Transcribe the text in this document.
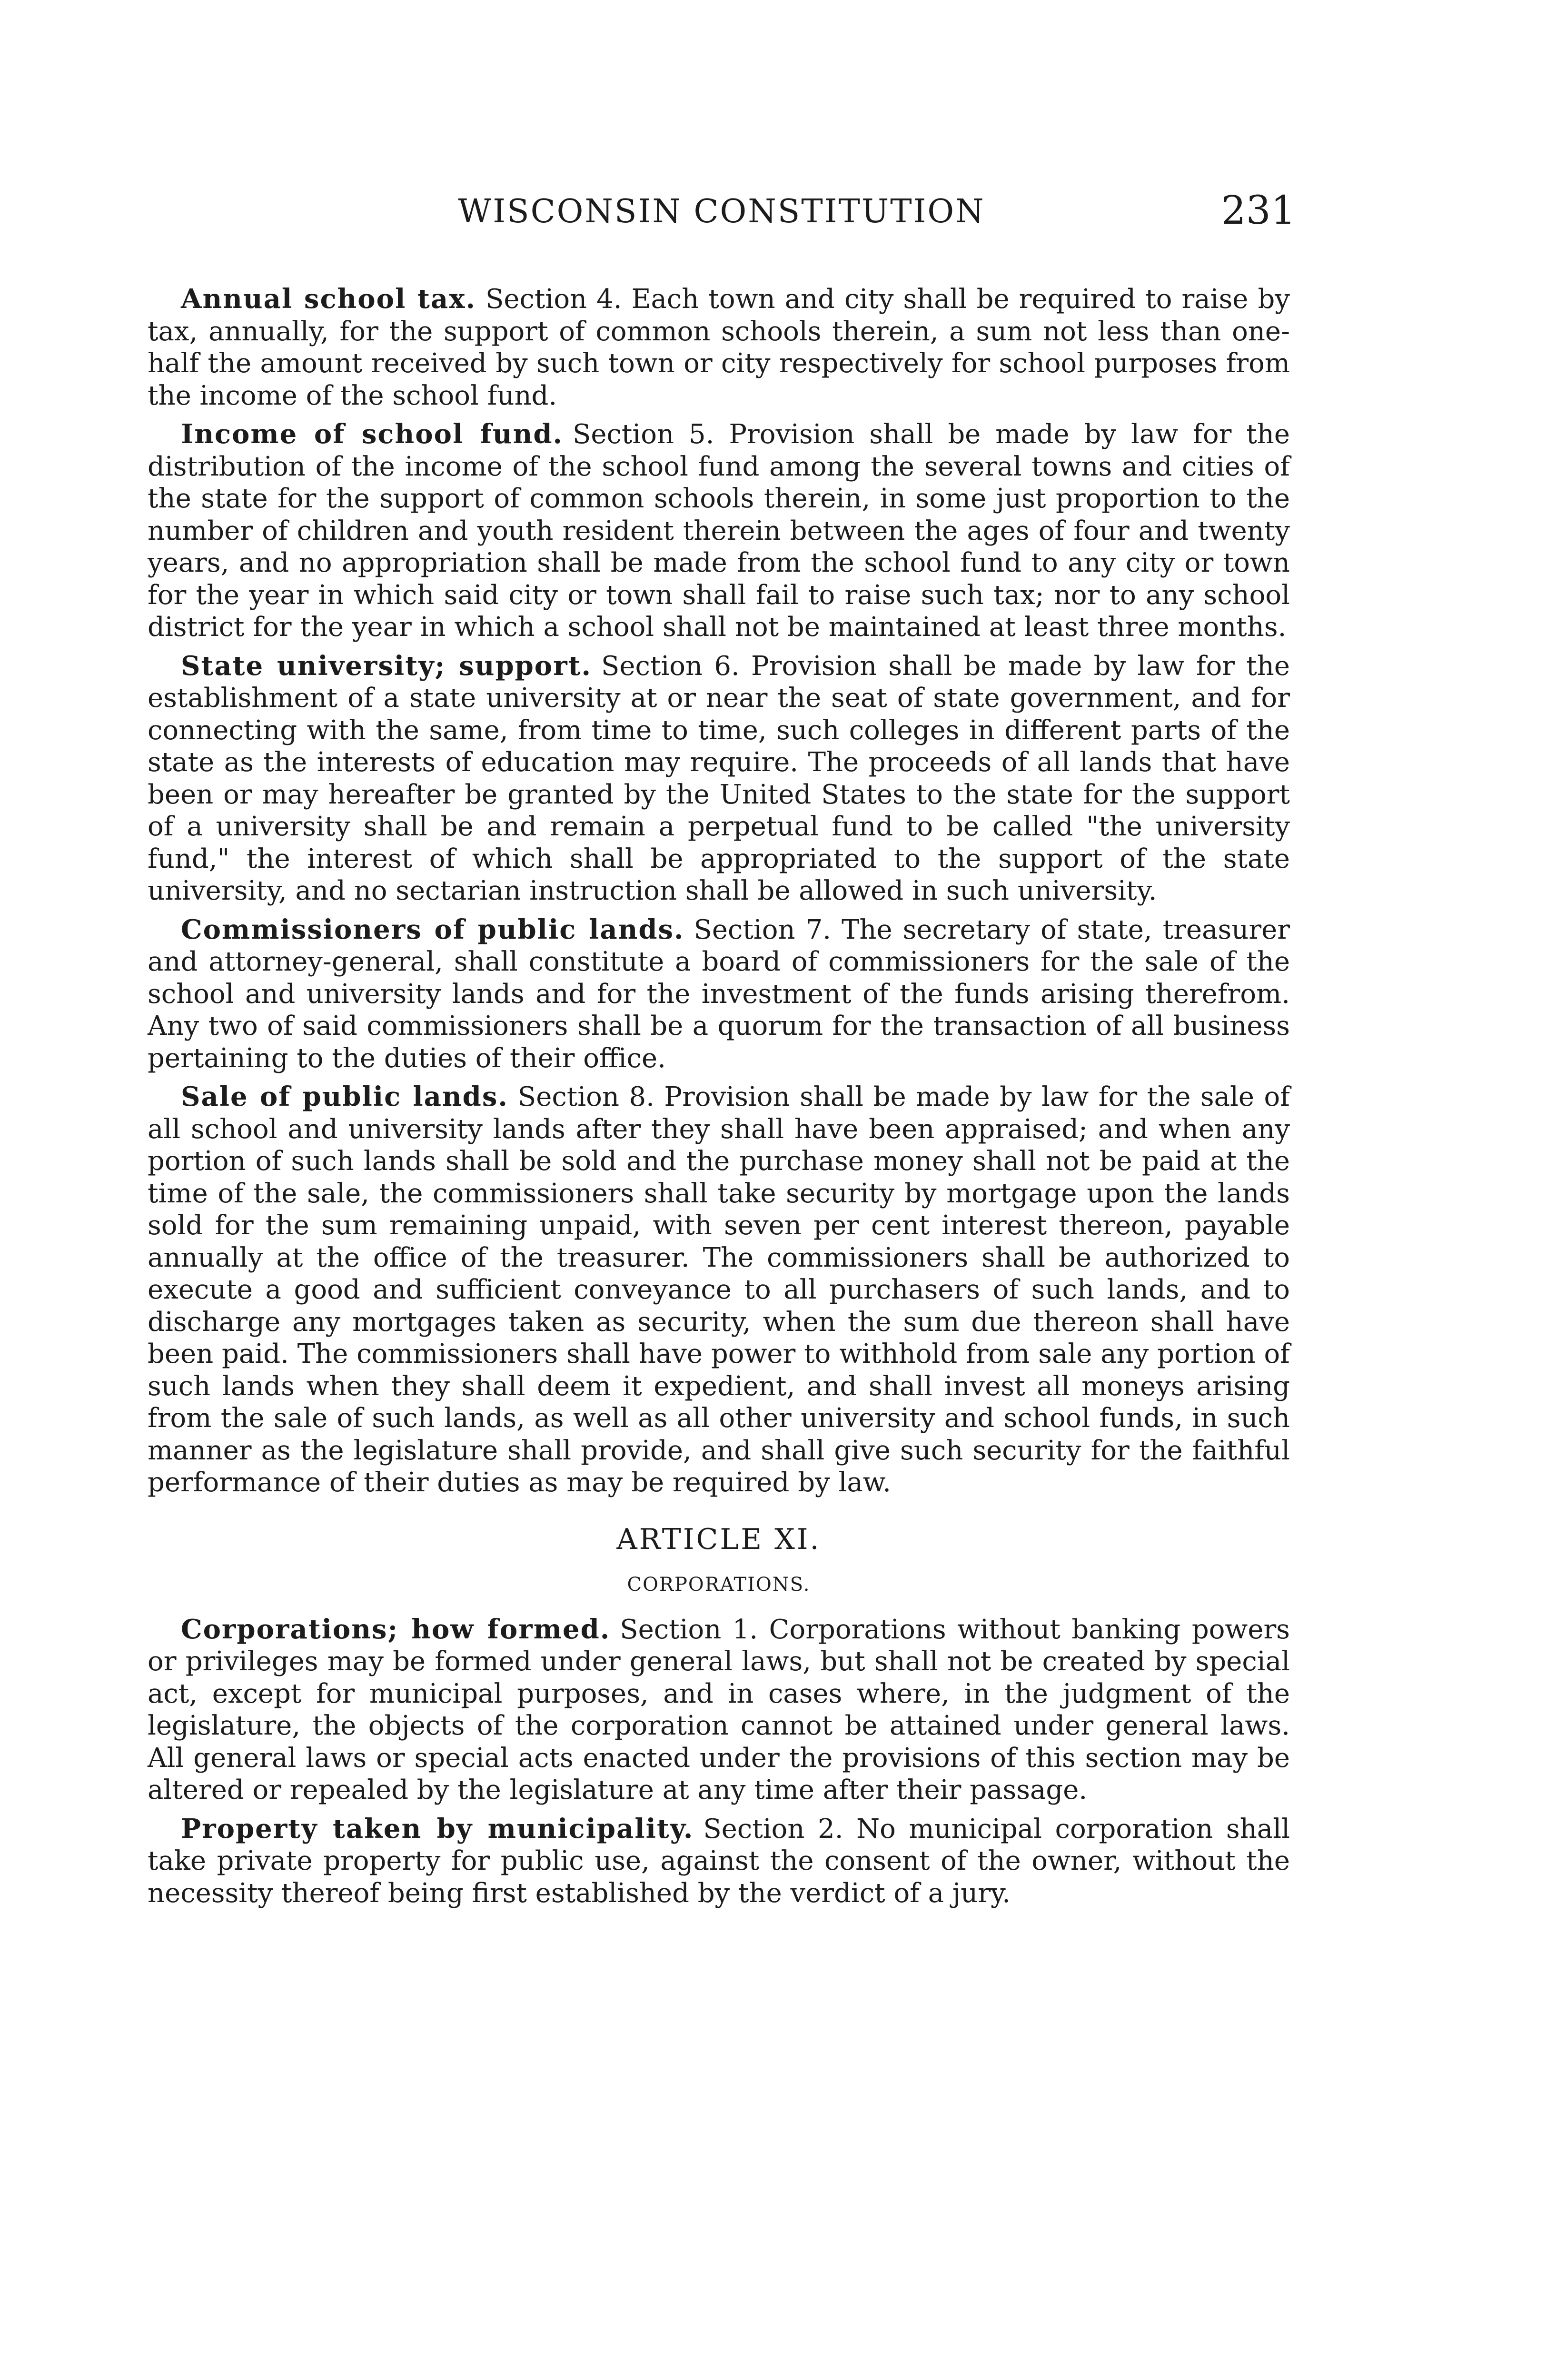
WISCONSIN CONSTITUTION	231

Annual school tax. Section 4. Each town and city shall be required to raise by tax, annually, for the support of common schools therein, a sum not less than one-half the amount received by such town or city respectively for school purposes from the income of the school fund.

Income of school fund. Section 5. Provision shall be made by law for the distribution of the income of the school fund among the several towns and cities of the state for the support of common schools therein, in some just proportion to the number of children and youth resident therein between the ages of four and twenty years, and no appropriation shall be made from the school fund to any city or town for the year in which said city or town shall fail to raise such tax; nor to any school district for the year in which a school shall not be maintained at least three months.

State university; support. Section 6. Provision shall be made by law for the establishment of a state university at or near the seat of state government, and for connecting with the same, from time to time, such colleges in different parts of the state as the interests of education may require. The proceeds of all lands that have been or may hereafter be granted by the United States to the state for the support of a university shall be and remain a perpetual fund to be called "the university fund," the interest of which shall be appropriated to the support of the state university, and no sectarian instruction shall be allowed in such university.

Commissioners of public lands. Section 7. The secretary of state, treasurer and attorney-general, shall constitute a board of commissioners for the sale of the school and university lands and for the investment of the funds arising therefrom. Any two of said commissioners shall be a quorum for the transaction of all business pertaining to the duties of their office.

Sale of public lands. Section 8. Provision shall be made by law for the sale of all school and university lands after they shall have been appraised; and when any portion of such lands shall be sold and the purchase money shall not be paid at the time of the sale, the commissioners shall take security by mortgage upon the lands sold for the sum remaining unpaid, with seven per cent interest thereon, payable annually at the office of the treasurer. The commissioners shall be authorized to execute a good and sufficient conveyance to all purchasers of such lands, and to discharge any mortgages taken as security, when the sum due thereon shall have been paid. The commissioners shall have power to withhold from sale any portion of such lands when they shall deem it expedient, and shall invest all moneys arising from the sale of such lands, as well as all other university and school funds, in such manner as the legislature shall provide, and shall give such security for the faithful performance of their duties as may be required by law.

ARTICLE XI.
CORPORATIONS.

Corporations; how formed. Section 1. Corporations without banking powers or privileges may be formed under general laws, but shall not be created by special act, except for municipal purposes, and in cases where, in the judgment of the legislature, the objects of the corporation cannot be attained under general laws. All general laws or special acts enacted under the provisions of this section may be altered or repealed by the legislature at any time after their passage.

Property taken by municipality. Section 2. No municipal corporation shall take private property for public use, against the consent of the owner, without the necessity thereof being first established by the verdict of a jury.
